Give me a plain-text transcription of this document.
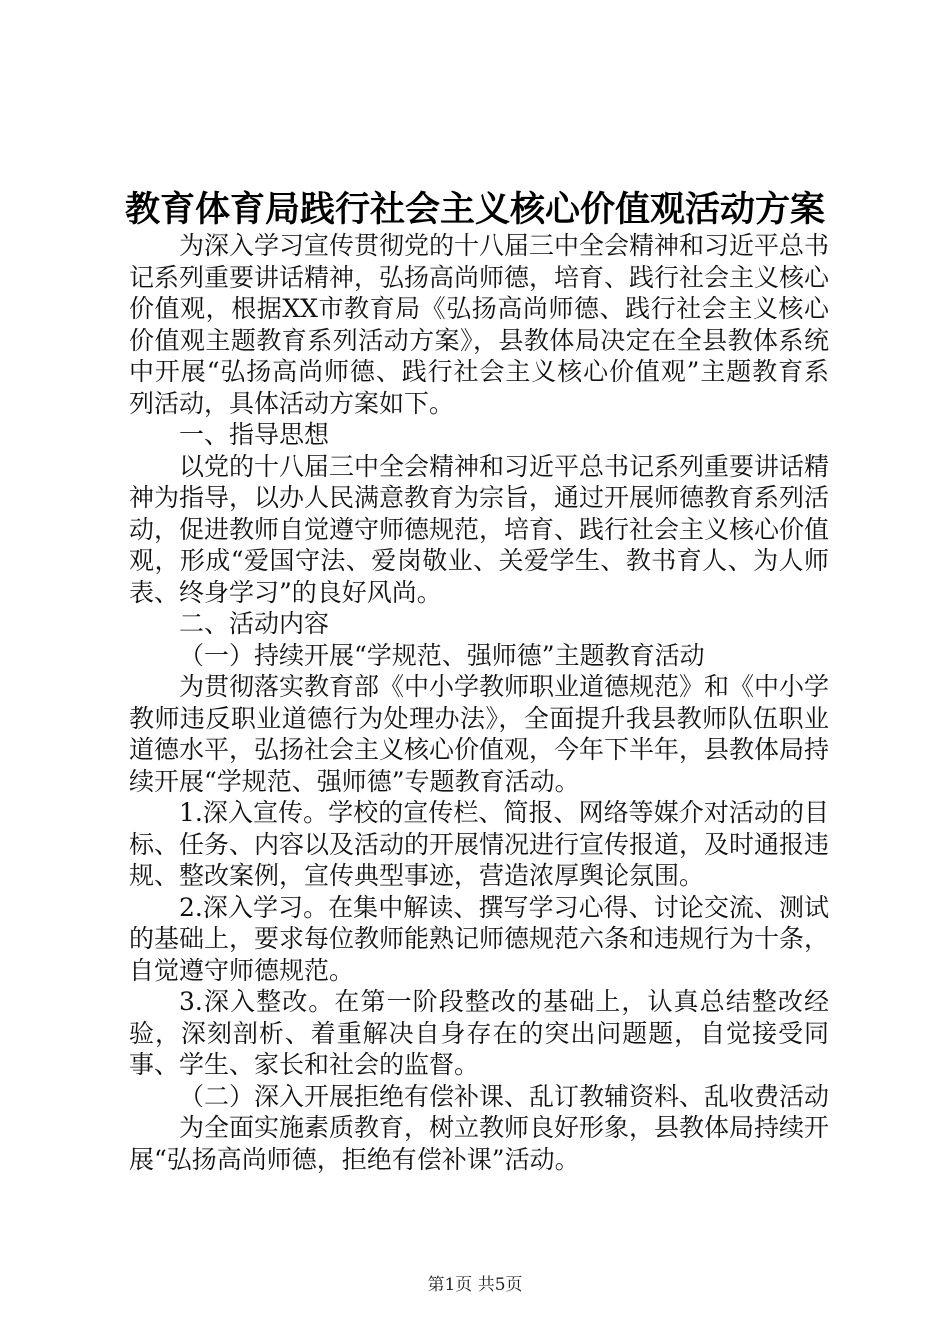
教育体育局践行社会主义核心价值观活动方案

为深入学习宣传贯彻党的十八届三中全会精神和习近平总书记系列重要讲话精神，弘扬高尚师德，培育、践行社会主义核心价值观，根据XX市教育局《弘扬高尚师德、践行社会主义核心价值观主题教育系列活动方案》，县教体局决定在全县教体系统中开展“弘扬高尚师德、践行社会主义核心价值观”主题教育系列活动，具体活动方案如下。

一、指导思想

以党的十八届三中全会精神和习近平总书记系列重要讲话精神为指导，以办人民满意教育为宗旨，通过开展师德教育系列活动，促进教师自觉遵守师德规范，培育、践行社会主义核心价值观，形成“爱国守法、爱岗敬业、关爱学生、教书育人、为人师表、终身学习”的良好风尚。

二、活动内容

（一）持续开展“学规范、强师德”主题教育活动

为贯彻落实教育部《中小学教师职业道德规范》和《中小学教师违反职业道德行为处理办法》，全面提升我县教师队伍职业道德水平，弘扬社会主义核心价值观，今年下半年，县教体局持续开展“学规范、强师德”专题教育活动。

1.深入宣传。学校的宣传栏、简报、网络等媒介对活动的目标、任务、内容以及活动的开展情况进行宣传报道，及时通报违规、整改案例，宣传典型事迹，营造浓厚舆论氛围。

2.深入学习。在集中解读、撰写学习心得、讨论交流、测试的基础上，要求每位教师能熟记师德规范六条和违规行为十条，自觉遵守师德规范。

3.深入整改。在第一阶段整改的基础上，认真总结整改经验，深刻剖析、着重解决自身存在的突出问题题，自觉接受同事、学生、家长和社会的监督。

（二）深入开展拒绝有偿补课、乱订教辅资料、乱收费活动

为全面实施素质教育，树立教师良好形象，县教体局持续开展“弘扬高尚师德，拒绝有偿补课”活动。

第1页 共5页
